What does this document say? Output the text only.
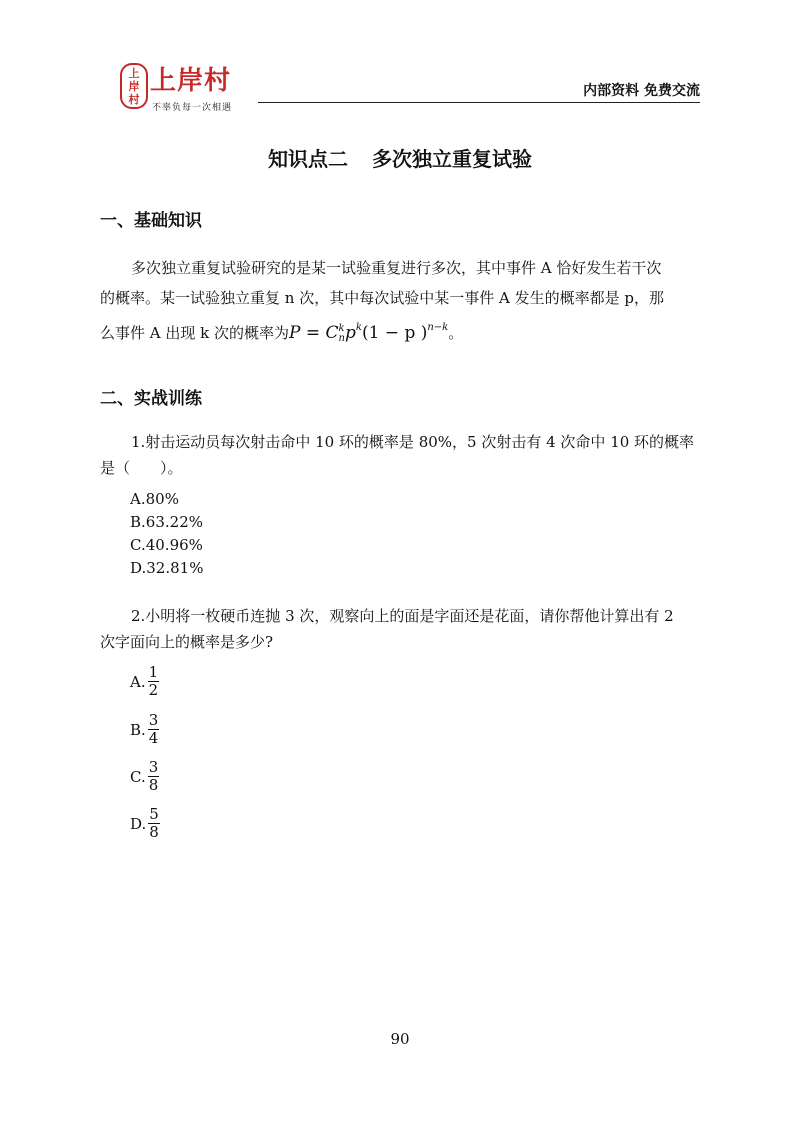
上
岸
村
上岸村
不辜负每一次相遇
内部资料 免费交流
知识点二 多次独立重复试验
一、基础知识
多次独立重复试验研究的是某一试验重复进行多次，其中事件 A 恰好发生若干次
的概率。某一试验独立重复 n 次，其中每次试验中某一事件 A 发生的概率都是 p，那
么事件 A 出现 k 次的概率为P = C k
n $p^k(1 - p$ )$^{n-k}$。
二、实战训练
1.射击运动员每次射击命中 10 环的概率是 80%，5 次射击有 4 次命中 10 环的概率
是（　　）。
A.80%
B.63.22%
C.40.96%
D.32.81%
2.小明将一枚硬币连抛 3 次，观察向上的面是字面还是花面，请你帮他计算出有 2
次字面向上的概率是多少?
A. $\frac{1}{2}$
B. $\frac{3}{4}$
C. $\frac{3}{8}$
D. $\frac{5}{8}$
90
